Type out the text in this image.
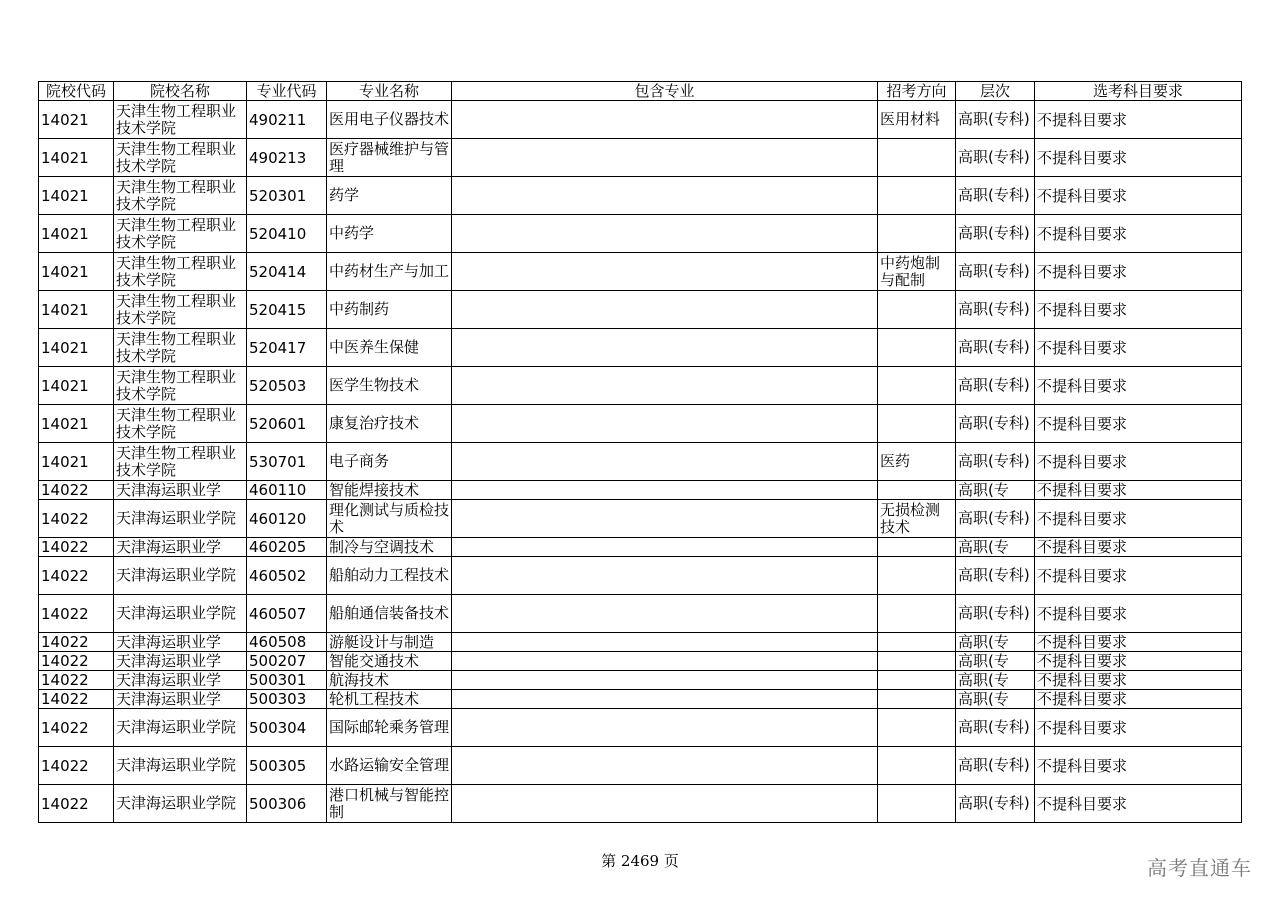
院校代码	院校名称	专业代码	专业名称	包含专业	招考方向	层次	选考科目要求
14021	天津生物工程职业技术学院	490211	医用电子仪器技术		医用材料	高职(专科)	不提科目要求
14021	天津生物工程职业技术学院	490213	医疗器械维护与管理			高职(专科)	不提科目要求
14021	天津生物工程职业技术学院	520301	药学			高职(专科)	不提科目要求
14021	天津生物工程职业技术学院	520410	中药学			高职(专科)	不提科目要求
14021	天津生物工程职业技术学院	520414	中药材生产与加工		中药炮制与配制	高职(专科)	不提科目要求
14021	天津生物工程职业技术学院	520415	中药制药			高职(专科)	不提科目要求
14021	天津生物工程职业技术学院	520417	中医养生保健			高职(专科)	不提科目要求
14021	天津生物工程职业技术学院	520503	医学生物技术			高职(专科)	不提科目要求
14021	天津生物工程职业技术学院	520601	康复治疗技术			高职(专科)	不提科目要求
14021	天津生物工程职业技术学院	530701	电子商务		医药	高职(专科)	不提科目要求
14022	天津海运职业学	460110	智能焊接技术			高职(专	不提科目要求
14022	天津海运职业学院	460120	理化测试与质检技术		无损检测技术	高职(专科)	不提科目要求
14022	天津海运职业学	460205	制冷与空调技术			高职(专	不提科目要求
14022	天津海运职业学院	460502	船舶动力工程技术			高职(专科)	不提科目要求
14022	天津海运职业学院	460507	船舶通信装备技术			高职(专科)	不提科目要求
14022	天津海运职业学	460508	游艇设计与制造			高职(专	不提科目要求
14022	天津海运职业学	500207	智能交通技术			高职(专	不提科目要求
14022	天津海运职业学	500301	航海技术			高职(专	不提科目要求
14022	天津海运职业学	500303	轮机工程技术			高职(专	不提科目要求
14022	天津海运职业学院	500304	国际邮轮乘务管理			高职(专科)	不提科目要求
14022	天津海运职业学院	500305	水路运输安全管理			高职(专科)	不提科目要求
14022	天津海运职业学院	500306	港口机械与智能控制			高职(专科)	不提科目要求
第 2469 页	高考直通车
